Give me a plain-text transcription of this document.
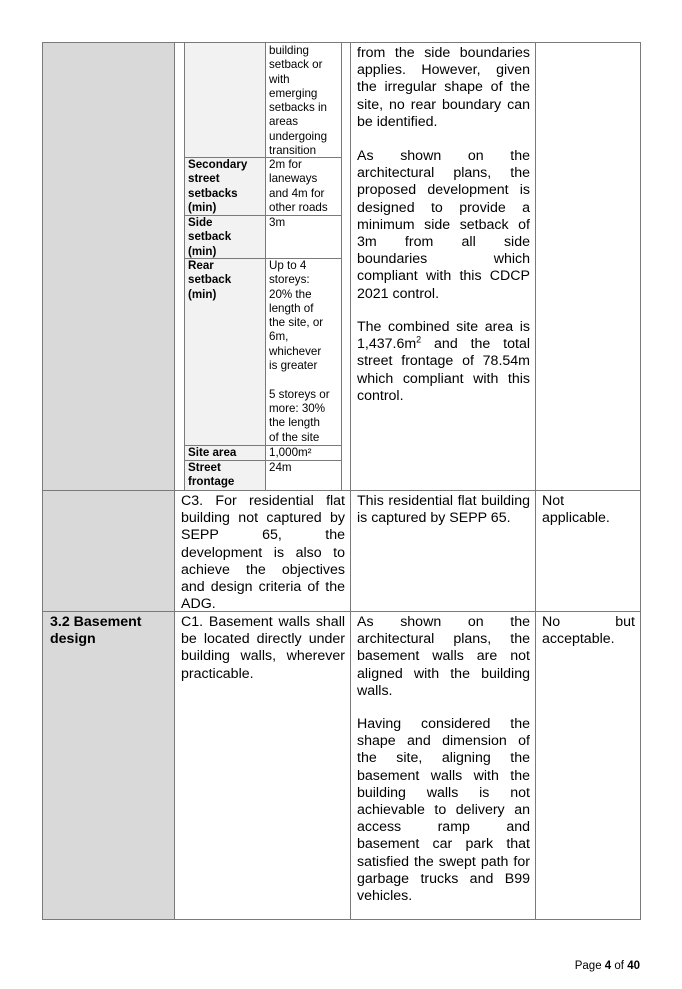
building
setback or
with
emerging
setbacks in
areas
undergoing
transition
Secondary
street
setbacks
(min)
2m for
laneways
and 4m for
other roads
Side
setback
(min)
3m
Rear
setback
(min)
Up to 4
storeys:
20% the
length of
the site, or
6m,
whichever
is greater

5 storeys or
more: 30%
the length
of the site
Site area	1,000m²
Street
frontage
24m
from the side boundaries applies. However, given the irregular shape of the site, no rear boundary can be identified.
As shown on the architectural plans, the proposed development is designed to provide a minimum side setback of 3m from all side boundaries which compliant with this CDCP 2021 control.
The combined site area is $1,437.6m^2$ and the total street frontage of 78.54m which compliant with this control.
C3. For residential flat building not captured by SEPP 65, the development is also to achieve the objectives and design criteria of the ADG.
This residential flat building is captured by SEPP 65.
Not applicable.
3.2 Basement
design
C1. Basement walls shall be located directly under building walls, wherever practicable.
As shown on the architectural plans, the basement walls are not aligned with the building walls.
Having considered the shape and dimension of the site, aligning the basement walls with the building walls is not achievable to delivery an access ramp and basement car park that satisfied the swept path for garbage trucks and B99 vehicles.
No but acceptable.
Page 4 of 40
